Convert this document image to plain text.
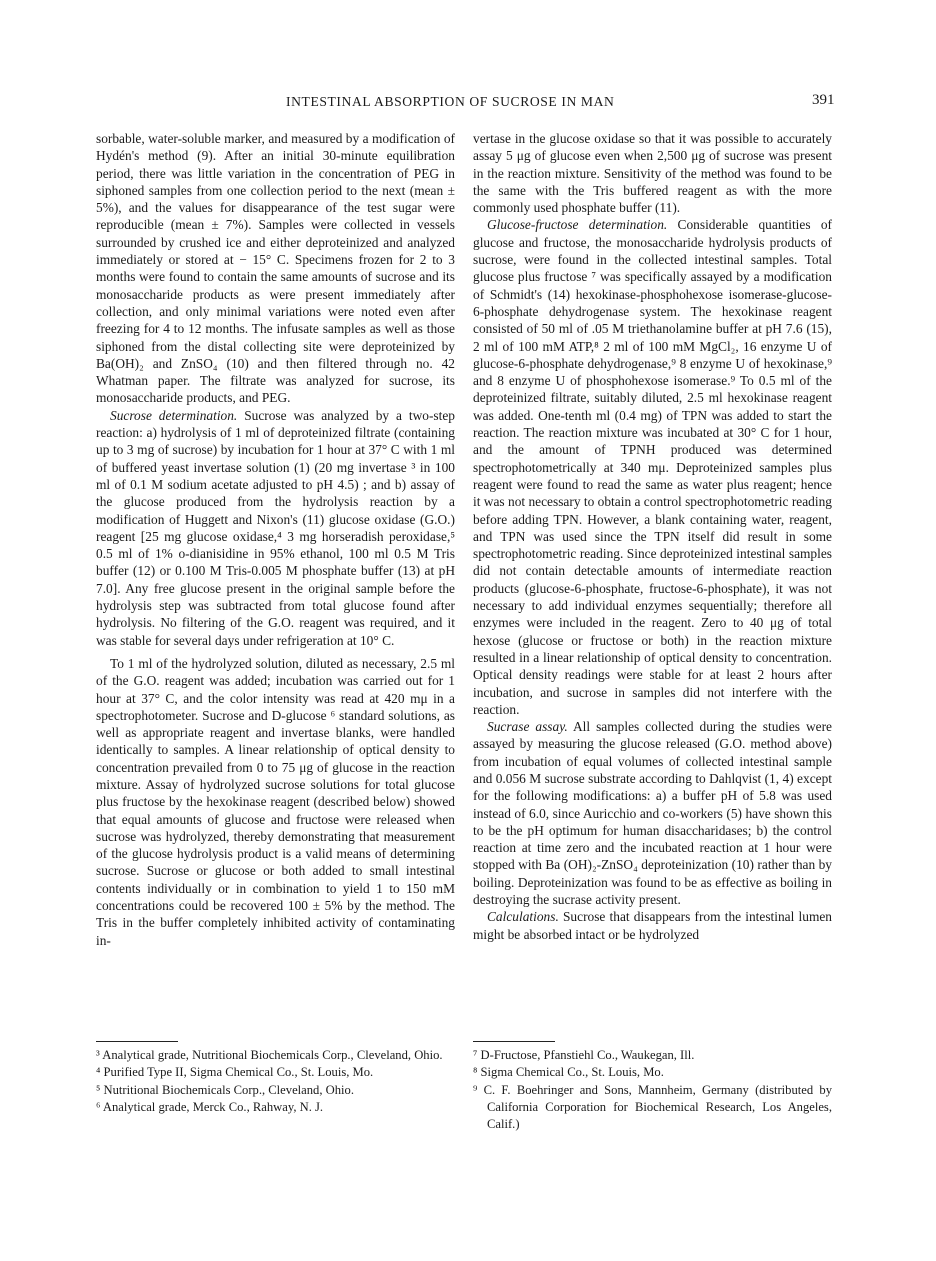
INTESTINAL ABSORPTION OF SUCROSE IN MAN	391

sorbable, water-soluble marker, and measured by a modification of Hydén's method (9). After an initial 30-minute equilibration period, there was little variation in the concentration of PEG in siphoned samples from one collection period to the next (mean ± 5%), and the values for disappearance of the test sugar were reproducible (mean ± 7%). Samples were collected in vessels surrounded by crushed ice and either deproteinized and analyzed immediately or stored at − 15° C. Specimens frozen for 2 to 3 months were found to contain the same amounts of sucrose and its monosaccharide products as were present immediately after collection, and only minimal variations were noted even after freezing for 4 to 12 months. The infusate samples as well as those siphoned from the distal collecting site were deproteinized by Ba(OH)₂ and ZnSO₄ (10) and then filtered through no. 42 Whatman paper. The filtrate was analyzed for sucrose, its monosaccharide products, and PEG.

Sucrose determination. Sucrose was analyzed by a two-step reaction: a) hydrolysis of 1 ml of deproteinized filtrate (containing up to 3 mg of sucrose) by incubation for 1 hour at 37° C with 1 ml of buffered yeast invertase solution (1) (20 mg invertase ³ in 100 ml of 0.1 M sodium acetate adjusted to pH 4.5) ; and b) assay of the glucose produced from the hydrolysis reaction by a modification of Huggett and Nixon's (11) glucose oxidase (G.O.) reagent [25 mg glucose oxidase,⁴ 3 mg horseradish peroxidase,⁵ 0.5 ml of 1% o-dianisidine in 95% ethanol, 100 ml 0.5 M Tris buffer (12) or 0.100 M Tris-0.005 M phosphate buffer (13) at pH 7.0]. Any free glucose present in the original sample before the hydrolysis step was subtracted from total glucose found after hydrolysis. No filtering of the G.O. reagent was required, and it was stable for several days under refrigeration at 10° C.

To 1 ml of the hydrolyzed solution, diluted as necessary, 2.5 ml of the G.O. reagent was added; incubation was carried out for 1 hour at 37° C, and the color intensity was read at 420 mμ in a spectrophotometer. Sucrose and D-glucose ⁶ standard solutions, as well as appropriate reagent and invertase blanks, were handled identically to samples. A linear relationship of optical density to concentration prevailed from 0 to 75 μg of glucose in the reaction mixture. Assay of hydrolyzed sucrose solutions for total glucose plus fructose by the hexokinase reagent (described below) showed that equal amounts of glucose and fructose were released when sucrose was hydrolyzed, thereby demonstrating that measurement of the glucose hydrolysis product is a valid means of determining sucrose. Sucrose or glucose or both added to small intestinal contents individually or in combination to yield 1 to 150 mM concentrations could be recovered 100 ± 5% by the method. The Tris in the buffer completely inhibited activity of contaminating in-

vertase in the glucose oxidase so that it was possible to accurately assay 5 μg of glucose even when 2,500 μg of sucrose was present in the reaction mixture. Sensitivity of the method was found to be the same with the Tris buffered reagent as with the more commonly used phosphate buffer (11).

Glucose-fructose determination. Considerable quantities of glucose and fructose, the monosaccharide hydrolysis products of sucrose, were found in the collected intestinal samples. Total glucose plus fructose ⁷ was specifically assayed by a modification of Schmidt's (14) hexokinase-phosphohexose isomerase-glucose-6-phosphate dehydrogenase system. The hexokinase reagent consisted of 50 ml of .05 M triethanolamine buffer at pH 7.6 (15), 2 ml of 100 mM ATP,⁸ 2 ml of 100 mM MgCl₂, 16 enzyme U of glucose-6-phosphate dehydrogenase,⁹ 8 enzyme U of hexokinase,⁹ and 8 enzyme U of phosphohexose isomerase.⁹ To 0.5 ml of the deproteinized filtrate, suitably diluted, 2.5 ml hexokinase reagent was added. One-tenth ml (0.4 mg) of TPN was added to start the reaction. The reaction mixture was incubated at 30° C for 1 hour, and the amount of TPNH produced was determined spectrophotometrically at 340 mμ. Deproteinized samples plus reagent were found to read the same as water plus reagent; hence it was not necessary to obtain a control spectrophotometric reading before adding TPN. However, a blank containing water, reagent, and TPN was used since the TPN itself did result in some spectrophotometric reading. Since deproteinized intestinal samples did not contain detectable amounts of intermediate reaction products (glucose-6-phosphate, fructose-6-phosphate), it was not necessary to add individual enzymes sequentially; therefore all enzymes were included in the reagent. Zero to 40 μg of total hexose (glucose or fructose or both) in the reaction mixture resulted in a linear relationship of optical density to concentration. Optical density readings were stable for at least 2 hours after incubation, and sucrose in samples did not interfere with the reaction.

Sucrase assay. All samples collected during the studies were assayed by measuring the glucose released (G.O. method above) from incubation of equal volumes of collected intestinal sample and 0.056 M sucrose substrate according to Dahlqvist (1, 4) except for the following modifications: a) a buffer pH of 5.8 was used instead of 6.0, since Auricchio and co-workers (5) have shown this to be the pH optimum for human disaccharidases; b) the control reaction at time zero and the incubated reaction at 1 hour were stopped with Ba (OH)₂-ZnSO₄ deproteinization (10) rather than by boiling. Deproteinization was found to be as effective as boiling in destroying the sucrase activity present.

Calculations. Sucrose that disappears from the intestinal lumen might be absorbed intact or be hydrolyzed

³ Analytical grade, Nutritional Biochemicals Corp., Cleveland, Ohio.

⁴ Purified Type II, Sigma Chemical Co., St. Louis, Mo.

⁵ Nutritional Biochemicals Corp., Cleveland, Ohio.

⁶ Analytical grade, Merck Co., Rahway, N. J.

⁷ D-Fructose, Pfanstiehl Co., Waukegan, Ill.

⁸ Sigma Chemical Co., St. Louis, Mo.

⁹ C. F. Boehringer and Sons, Mannheim, Germany (distributed by California Corporation for Biochemical Research, Los Angeles, Calif.)
